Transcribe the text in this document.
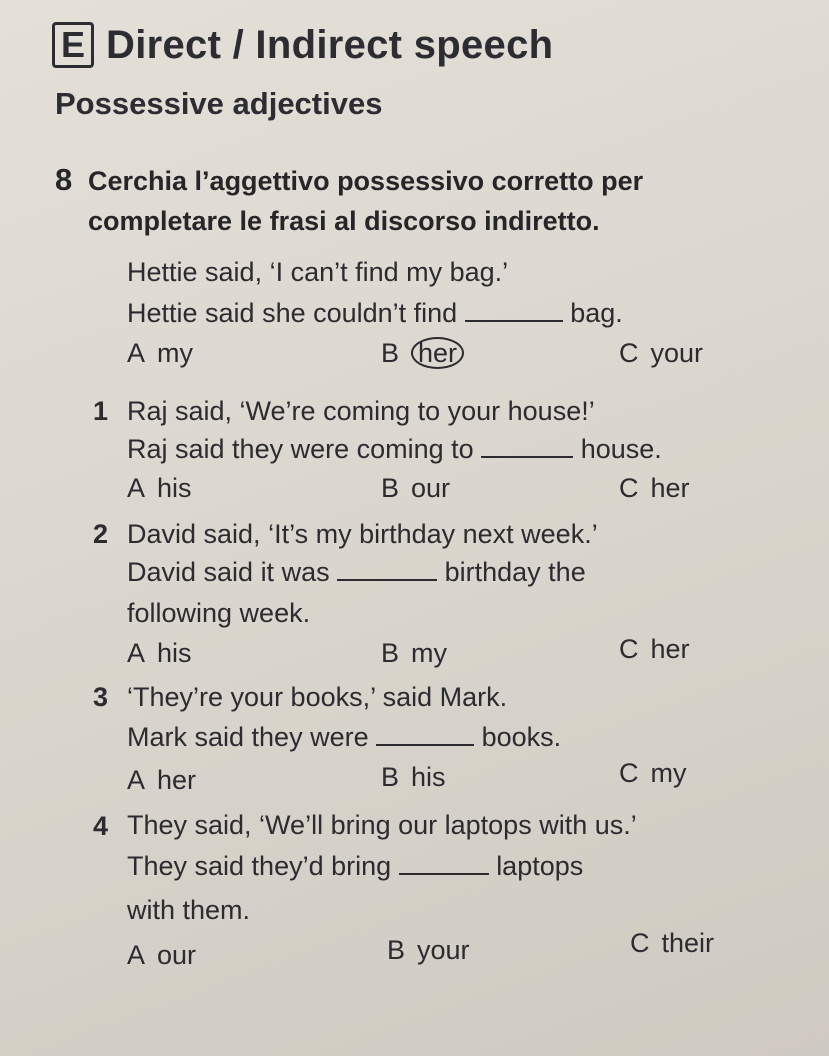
E Direct / Indirect speech
Possessive adjectives
8 Cerchia l’aggettivo possessivo corretto per
completare le frasi al discorso indiretto.
Hettie said, ‘I can’t find my bag.’
Hettie said she couldn’t find	bag.
A my	B her	C your
1 Raj said, ‘We’re coming to your house!’
Raj said they were coming to	house.
A his	B our	C her
2 David said, ‘It’s my birthday next week.’
David said it was	birthday the
following week.
A his	B my	C her
3 ‘They’re your books,’ said Mark.
Mark said they were	books.
A her	B his	C my
4 They said, ‘We’ll bring our laptops with us.’
They said they’d bring	laptops
with them.
A our	B your	C their
